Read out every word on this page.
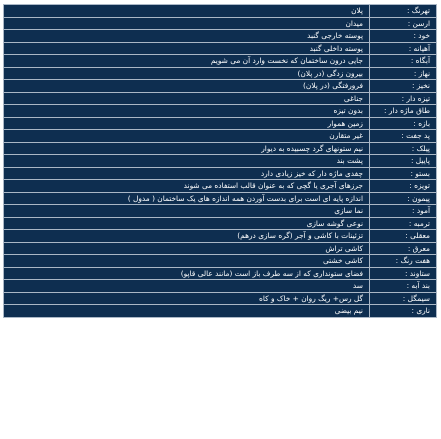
تهرنگ :	پلان
ارسن :	میدان
خود :	پوسته خارجی گنبد
آهیانه :	پوسته داخلی گنبد
آبگاه :	جایی درون ساختمان که نخست وارد آن می شویم
نهاز :	بیرون زدگی (در پلان)
نخیز :	فرورفتگی (در پلان)
تیزه دار :	جناغی
طاق ماژه دار :	بدون تیزه
بازه :	زمین هموار
پد جفت :	غیر متقارن
پیلک :	نیم ستونهای گرد چسبیده به دیوار
پاییل :	پشت بند
بستو :	چفدی ماژه دار که خیز زیادی دارد
تویزه :	جرزهای آجری یا گچی که به عنوان قالب استفاده می شوند
پیمون :	اندازه پایه ای است برای بدست آوردن همه اندازه های یک ساختمان ( مدول )
آمود :	نما سازی
ترمبه :	نوعی گوشه سازی
معقلی :	تزئینات با کاشی و آجر (گره سازی درهم)
معرق :	کاشی تراش
هفت رنگ :	کاشی خشتی
ستاوند :	فضای ستونداری که از سه طرف باز است (مانند عالی قاپو)
بند آبه :	سد
سیمگل :	گل رس+ ریگ روان + خاک و کاه
ناری :	نیم بیضی
